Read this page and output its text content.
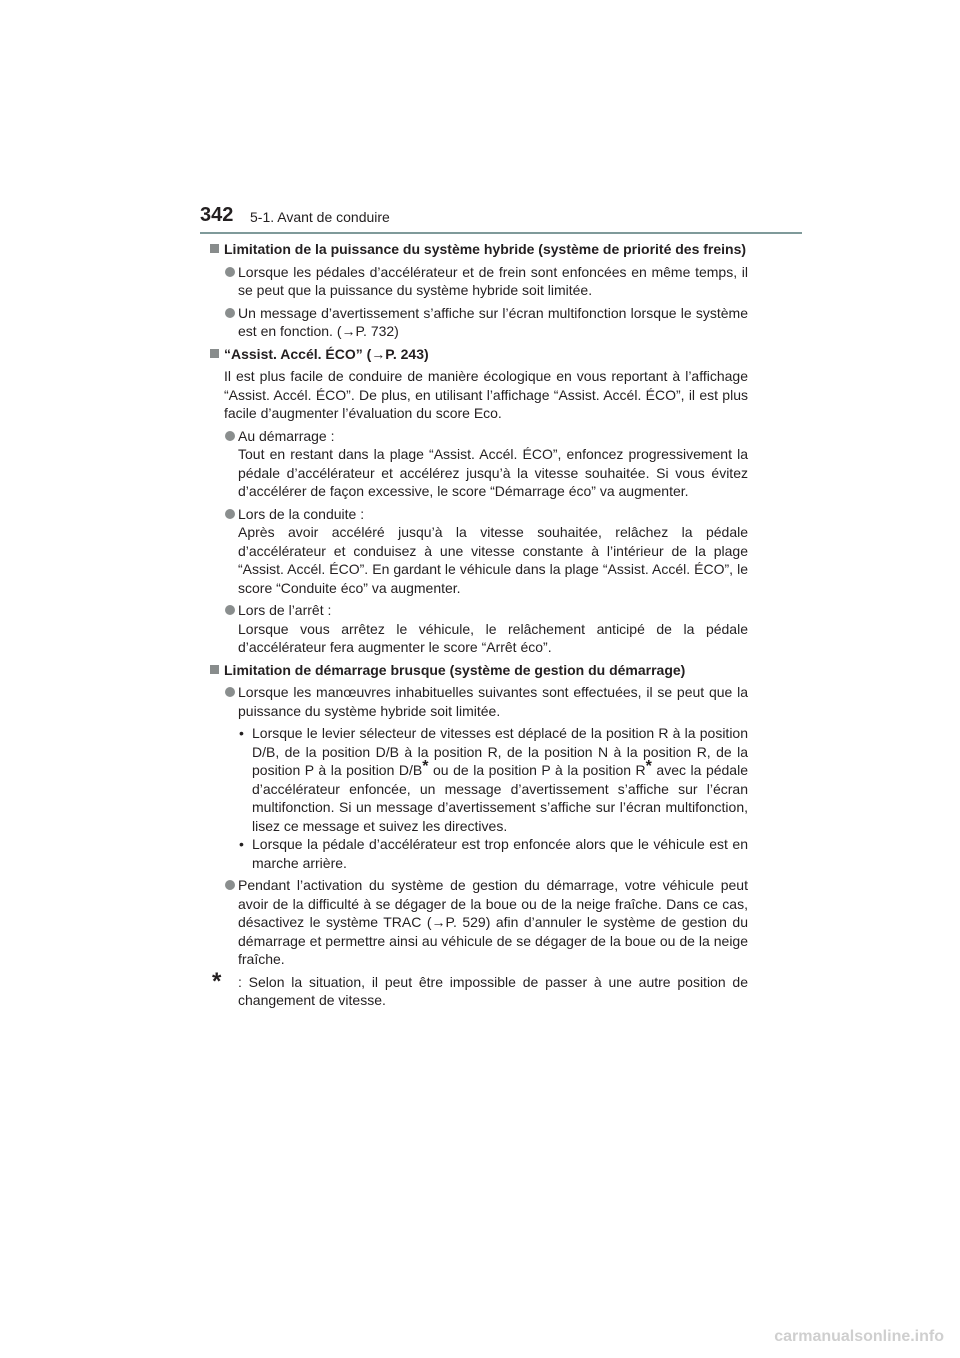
342 5-1. Avant de conduire
Limitation de la puissance du système hybride (système de priorité des freins)
Lorsque les pédales d’accélérateur et de frein sont enfoncées en même temps, il se peut que la puissance du système hybride soit limitée.
Un message d’avertissement s’affiche sur l’écran multifonction lorsque le système est en fonction. (→P. 732)
“Assist. Accél. ÉCO” (→P. 243)
Il est plus facile de conduire de manière écologique en vous reportant à l’affichage “Assist. Accél. ÉCO”. De plus, en utilisant l’affichage “Assist. Accél. ÉCO”, il est plus facile d’augmenter l’évaluation du score Eco.
Au démarrage :
Tout en restant dans la plage “Assist. Accél. ÉCO”, enfoncez progressivement la pédale d’accélérateur et accélérez jusqu’à la vitesse souhaitée. Si vous évitez d’accélérer de façon excessive, le score “Démarrage éco” va augmenter.
Lors de la conduite :
Après avoir accéléré jusqu’à la vitesse souhaitée, relâchez la pédale d’accélérateur et conduisez à une vitesse constante à l’intérieur de la plage “Assist. Accél. ÉCO”. En gardant le véhicule dans la plage “Assist. Accél. ÉCO”, le score “Conduite éco” va augmenter.
Lors de l’arrêt :
Lorsque vous arrêtez le véhicule, le relâchement anticipé de la pédale d’accélérateur fera augmenter le score “Arrêt éco”.
Limitation de démarrage brusque (système de gestion du démarrage)
Lorsque les manœuvres inhabituelles suivantes sont effectuées, il se peut que la puissance du système hybride soit limitée.
• Lorsque le levier sélecteur de vitesses est déplacé de la position R à la position D/B, de la position D/B à la position R, de la position N à la position R, de la position P à la position D/B* ou de la position P à la position R* avec la pédale d’accélérateur enfoncée, un message d’avertissement s’affiche sur l’écran multifonction. Si un message d’avertissement s’affiche sur l’écran multifonction, lisez ce message et suivez les directives.
• Lorsque la pédale d’accélérateur est trop enfoncée alors que le véhicule est en marche arrière.
Pendant l’activation du système de gestion du démarrage, votre véhicule peut avoir de la difficulté à se dégager de la boue ou de la neige fraîche. Dans ce cas, désactivez le système TRAC (→P. 529) afin d’annuler le système de gestion du démarrage et permettre ainsi au véhicule de se dégager de la boue ou de la neige fraîche.
* : Selon la situation, il peut être impossible de passer à une autre position de changement de vitesse.
carmanualsonline.info
